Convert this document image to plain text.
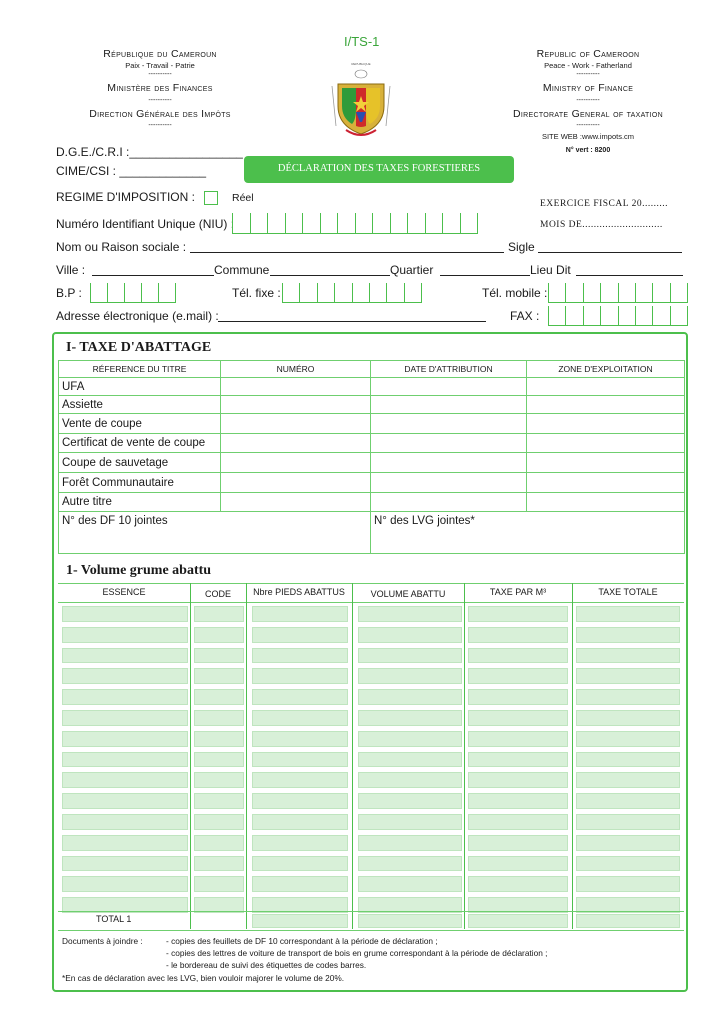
I/TS-1
République du Cameroun
Paix - Travail - Patrie
----------
Ministère des Finances
----------
Direction Générale des Impôts
----------
REPUBLIQUE
Republic of Cameroon
Peace - Work - Fatherland
----------
Ministry of Finance
----------
Directorate General of taxation
----------
SITE WEB :www.impots.cm
N° vert : 8200
D.G.E./C.R.I :_________________
CIME/CSI : _____________	DÉCLARATION DES TAXES FORESTIERES
REGIME D'IMPOSITION :	Réel	EXERCICE FISCAL 20.........
MOIS DE............................
Numéro Identifiant Unique (NIU) :
Nom ou Raison sociale :	Sigle
Ville :	Commune	Quartier	Lieu Dit
B.P :	Tél. fixe :	Tél. mobile :
Adresse électronique (e.mail) :	FAX :
I- TAXE D'ABATTAGE
RÉFERENCE DU TITRE	NUMÉRO	DATE D'ATTRIBUTION	ZONE D'EXPLOITATION
UFA			
Assiette			
Vente de coupe			
Certificat de vente de coupe			
Coupe de sauvetage			
Forêt Communautaire			
Autre titre			
N° des DF 10 jointes		N° des LVG jointes*	
1- Volume grume abattu
ESSENCE	CODE	Nbre PIEDS ABATTUS	VOLUME ABATTU	TAXE PAR M³	TAXE TOTALE
TOTAL 1
Documents à joindre :	- copies des feuillets de DF 10 correspondant à la période de déclaration ;
- copies des lettres de voiture de transport de bois en grume correspondant à la période de déclaration ;
- le bordereau de suivi des étiquettes de codes barres.
*En cas de déclaration avec les LVG, bien vouloir majorer le volume de 20%.
